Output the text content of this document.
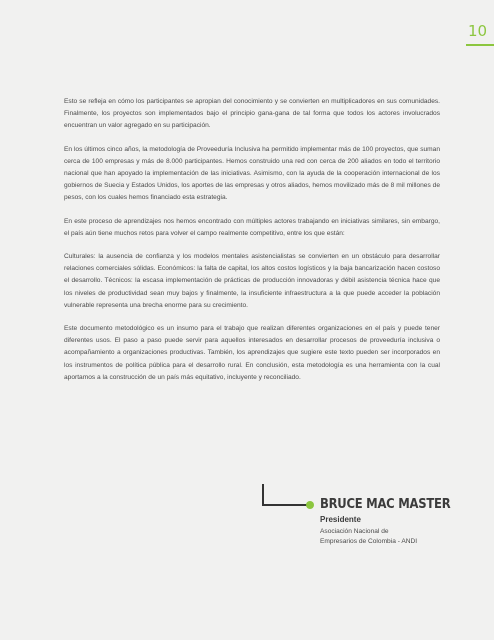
10

Esto se refleja en cómo los participantes se apropian del conocimiento y se convierten en multiplicadores en sus comunidades. Finalmente, los proyectos son implementados bajo el principio gana-gana de tal forma que todos los actores involucrados encuentran un valor agregado en su participación.

En los últimos cinco años, la metodología de Proveeduría Inclusiva ha permitido implementar más de 100 proyectos, que suman cerca de 100 empresas y más de 8.000 participantes. Hemos construido una red con cerca de 200 aliados en todo el territorio nacional que han apoyado la implementación de las iniciativas. Asimismo, con la ayuda de la cooperación internacional de los gobiernos de Suecia y Estados Unidos, los aportes de las empresas y otros aliados, hemos movilizado más de 8 mil millones de pesos, con los cuales hemos financiado esta estrategia.

En este proceso de aprendizajes nos hemos encontrado con múltiples actores trabajando en iniciativas similares, sin embargo, el país aún tiene muchos retos para volver el campo realmente competitivo, entre los que están:

Culturales: la ausencia de confianza y los modelos mentales asistencialistas se convierten en un obstáculo para desarrollar relaciones comerciales sólidas. Económicos: la falta de capital, los altos costos logísticos y la baja bancarización hacen costoso el desarrollo. Técnicos: la escasa implementación de prácticas de producción innovadoras y débil asistencia técnica hace que los niveles de productividad sean muy bajos y finalmente, la insuficiente infraestructura a la que puede acceder la población vulnerable representa una brecha enorme para su crecimiento.

Este documento metodológico es un insumo para el trabajo que realizan diferentes organizaciones en el país y puede tener diferentes usos. El paso a paso puede servir para aquellos interesados en desarrollar procesos de proveeduría inclusiva o acompañamiento a organizaciones productivas. También, los aprendizajes que sugiere este texto pueden ser incorporados en los instrumentos de política pública para el desarrollo rural. En conclusión, esta metodología es una herramienta con la cual aportamos a la construcción de un país más equitativo, incluyente y reconciliado.

BRUCE MAC MASTER
Presidente
Asociación Nacional de
Empresarios de Colombia - ANDI
